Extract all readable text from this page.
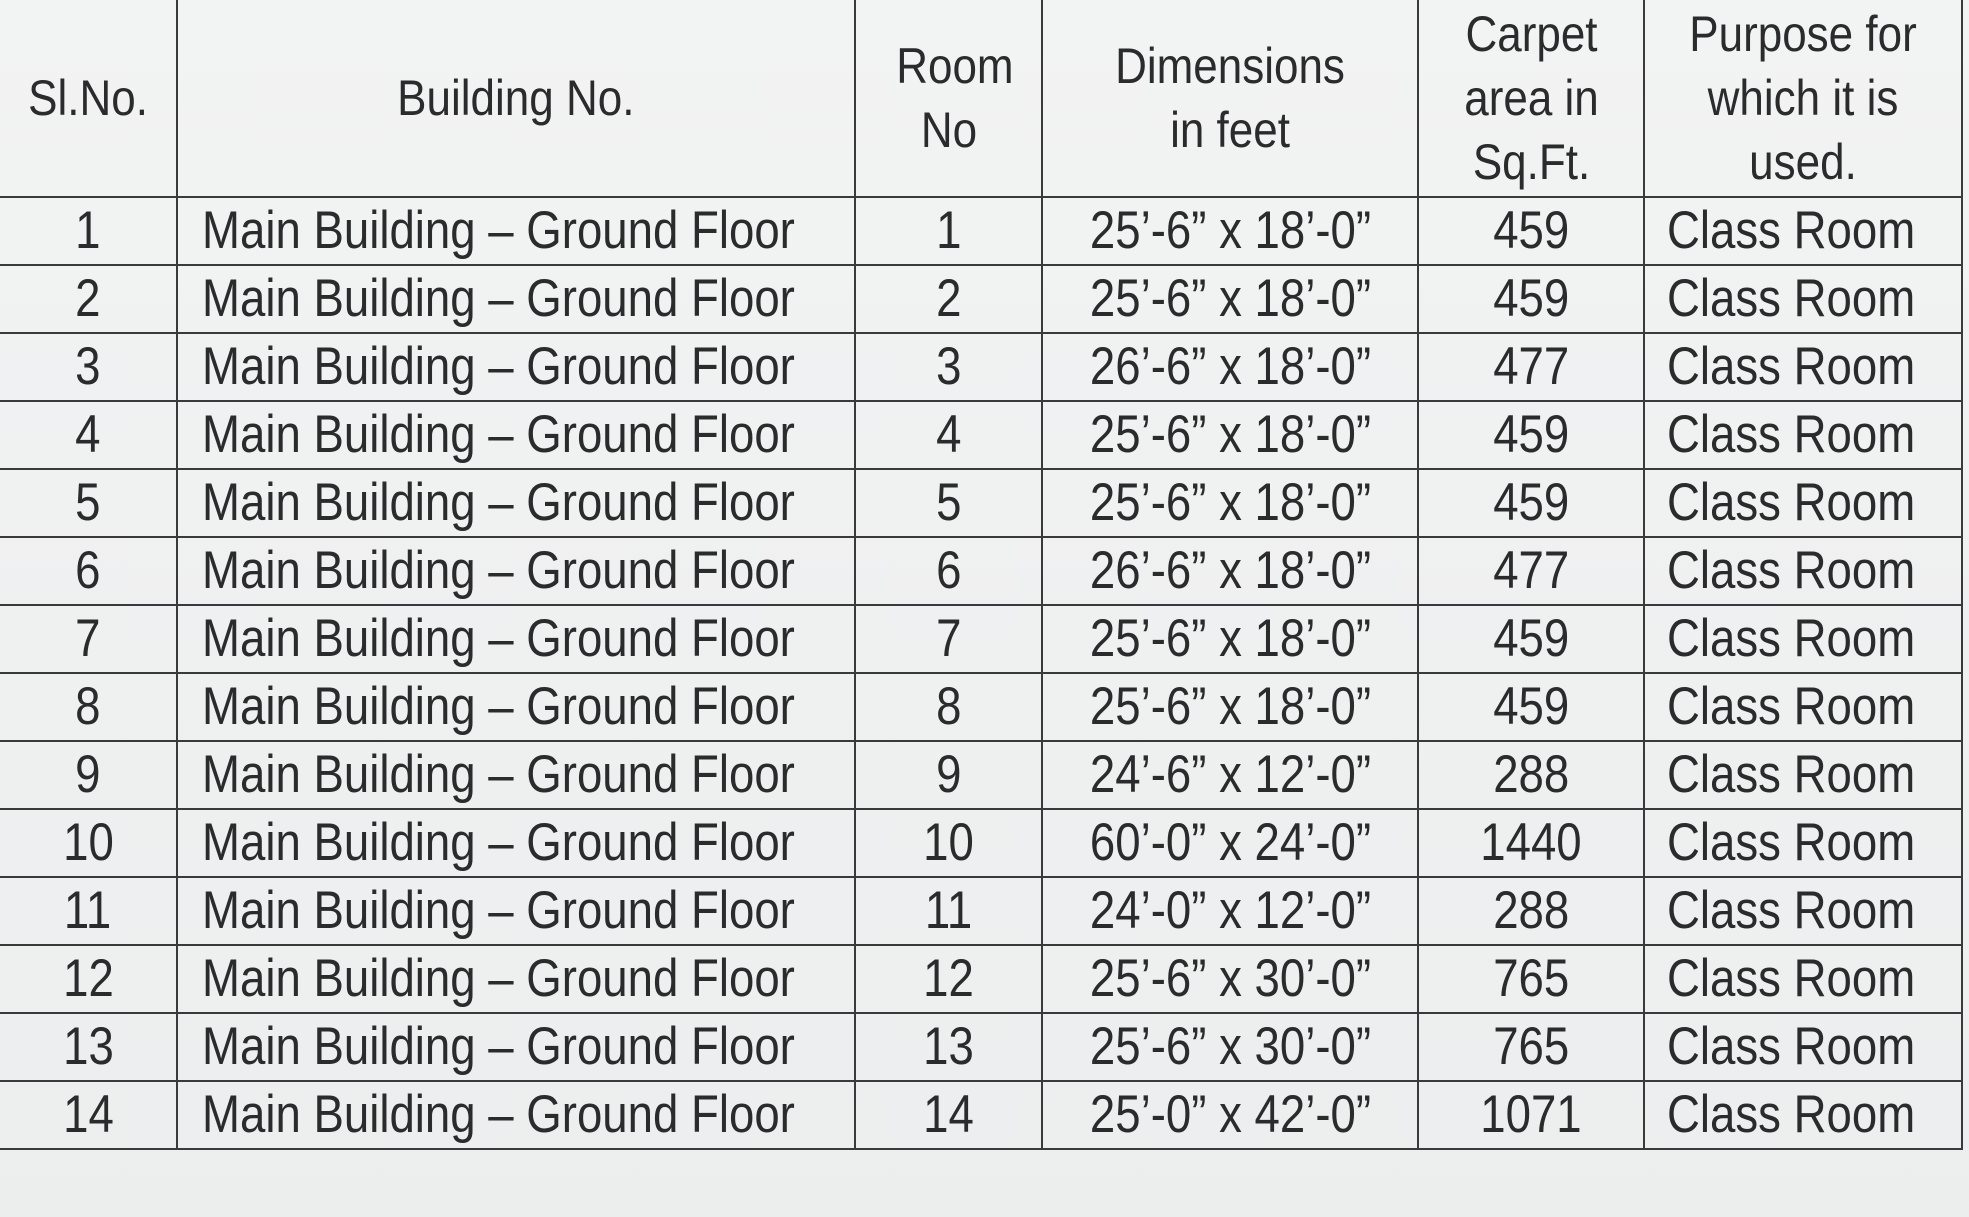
Sl.No.	Building No.	Room No	Dimensions in feet	Carpet area in Sq.Ft.	Purpose for which it is used.
1	Main Building – Ground Floor	1	25’-6” x 18’-0”	459	Class Room
2	Main Building – Ground Floor	2	25’-6” x 18’-0”	459	Class Room
3	Main Building – Ground Floor	3	26’-6” x 18’-0”	477	Class Room
4	Main Building – Ground Floor	4	25’-6” x 18’-0”	459	Class Room
5	Main Building – Ground Floor	5	25’-6” x 18’-0”	459	Class Room
6	Main Building – Ground Floor	6	26’-6” x 18’-0”	477	Class Room
7	Main Building – Ground Floor	7	25’-6” x 18’-0”	459	Class Room
8	Main Building – Ground Floor	8	25’-6” x 18’-0”	459	Class Room
9	Main Building – Ground Floor	9	24’-6” x 12’-0”	288	Class Room
10	Main Building – Ground Floor	10	60’-0” x 24’-0”	1440	Class Room
11	Main Building – Ground Floor	11	24’-0” x 12’-0”	288	Class Room
12	Main Building – Ground Floor	12	25’-6” x 30’-0”	765	Class Room
13	Main Building – Ground Floor	13	25’-6” x 30’-0”	765	Class Room
14	Main Building – Ground Floor	14	25’-0” x 42’-0”	1071	Class Room
